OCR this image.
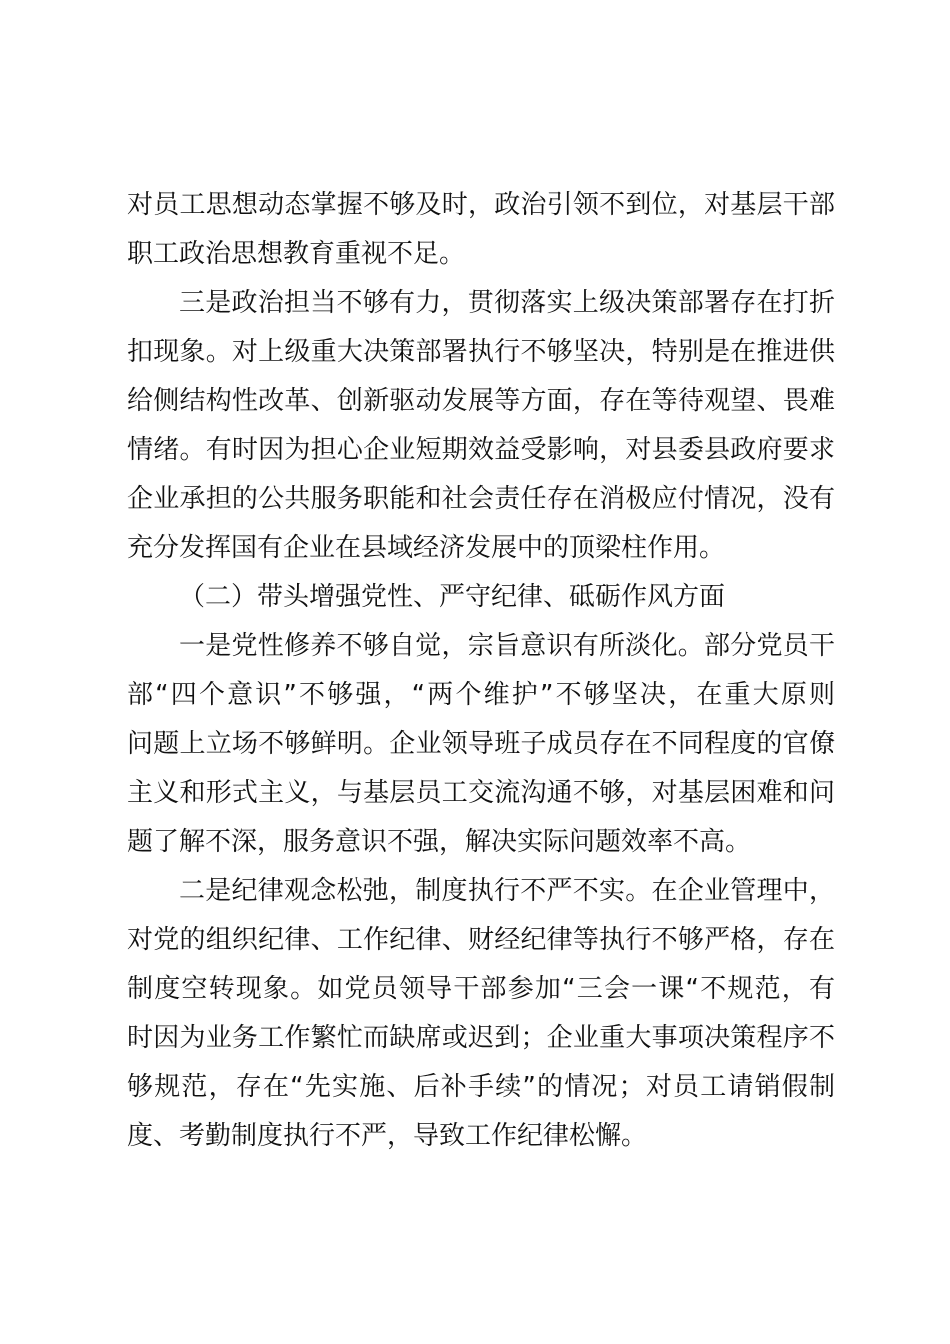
对员工思想动态掌握不够及时，政治引领不到位，对基层干部
职工政治思想教育重视不足。
三是政治担当不够有力，贯彻落实上级决策部署存在打折
扣现象。对上级重大决策部署执行不够坚决，特别是在推进供
给侧结构性改革、创新驱动发展等方面，存在等待观望、畏难
情绪。有时因为担心企业短期效益受影响，对县委县政府要求
企业承担的公共服务职能和社会责任存在消极应付情况，没有
充分发挥国有企业在县域经济发展中的顶梁柱作用。
（二）带头增强党性、严守纪律、砥砺作风方面
一是党性修养不够自觉，宗旨意识有所淡化。部分党员干
部“四个意识”不够强，“两个维护”不够坚决，在重大原则
问题上立场不够鲜明。企业领导班子成员存在不同程度的官僚
主义和形式主义，与基层员工交流沟通不够，对基层困难和问
题了解不深，服务意识不强，解决实际问题效率不高。
二是纪律观念松弛，制度执行不严不实。在企业管理中，
对党的组织纪律、工作纪律、财经纪律等执行不够严格，存在
制度空转现象。如党员领导干部参加“三会一课“不规范，有
时因为业务工作繁忙而缺席或迟到；企业重大事项决策程序不
够规范，存在“先实施、后补手续”的情况；对员工请销假制
度、考勤制度执行不严，导致工作纪律松懈。
